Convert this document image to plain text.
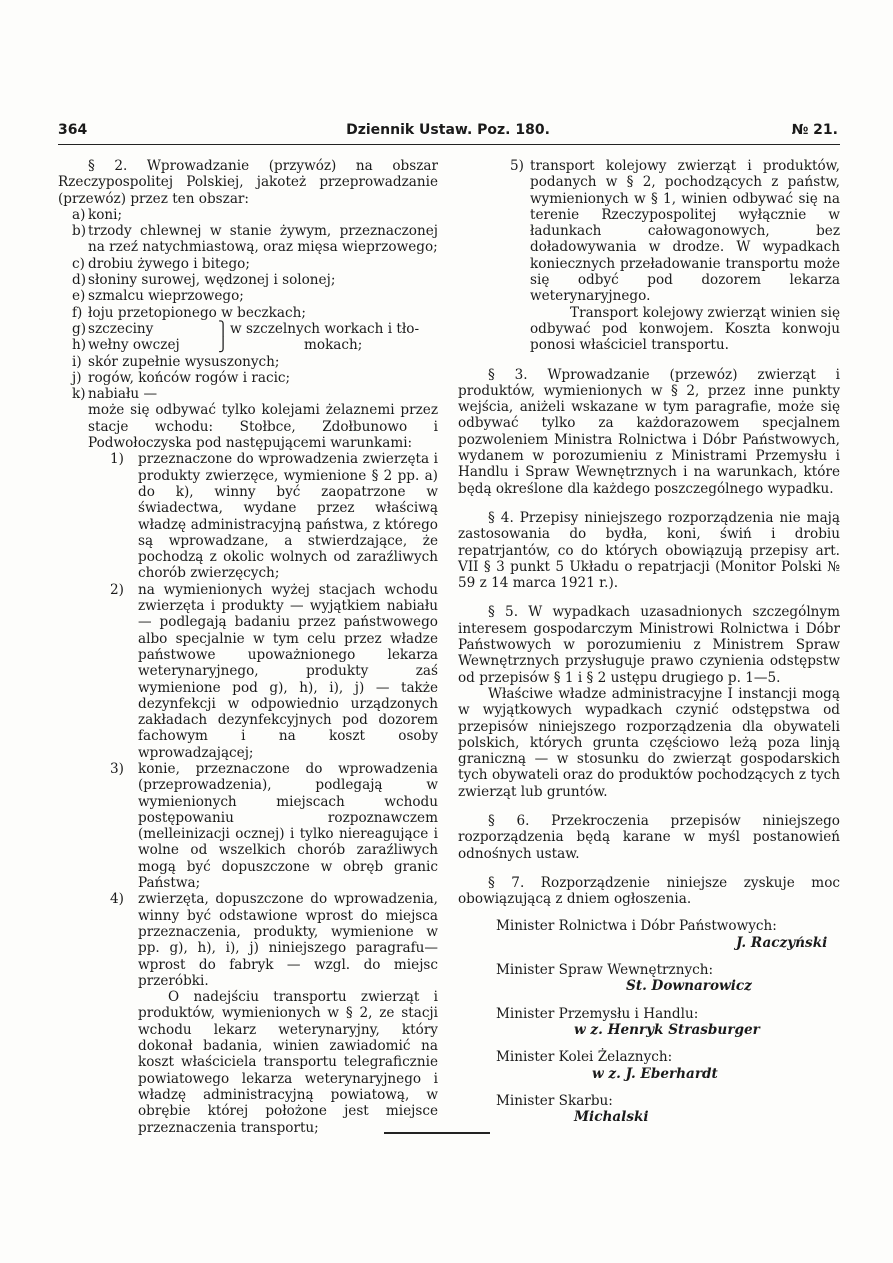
364	Dziennik Ustaw. Poz. 180.	№ 21.

§ 2. Wprowadzanie (przywóz) na obszar Rzeczypospolitej Polskiej, jakoteż przeprowadzanie (przewóz) przez ten obszar:

a) koni;
b) trzody chlewnej w stanie żywym, przeznaczonej na rzeź natychmiastową, oraz mięsa wieprzowego;
c) drobiu żywego i bitego;
d) słoniny surowej, wędzonej i solonej;
e) szmalcu wieprzowego;
f) łoju przetopionego w beczkach;
g) szczeciny	⎫ w szczelnych workach i tło-
h) wełny owczej	⎭	mokach;
i) skór zupełnie wysuszonych;
j) rogów, końców rogów i racic;
k) nabiału —

może się odbywać tylko kolejami żelaznemi przez stacje wchodu: Stołbce, Zdołbunowo i Podwołoczyska pod następującemi warunkami:

1) przeznaczone do wprowadzenia zwierzęta i produkty zwierzęce, wymienione § 2 pp. a) do k), winny być zaopatrzone w świadectwa, wydane przez właściwą władzę administracyjną państwa, z którego są wprowadzane, a stwierdzające, że pochodzą z okolic wolnych od zaraźliwych chorób zwierzęcych;
2) na wymienionych wyżej stacjach wchodu zwierzęta i produkty — wyjątkiem nabiału — podlegają badaniu przez państwowego albo specjalnie w tym celu przez władze państwowe upoważnionego lekarza weterynaryjnego, produkty zaś wymienione pod g), h), i), j) — także dezynfekcji w odpowiednio urządzonych zakładach dezynfekcyjnych pod dozorem fachowym i na koszt osoby wprowadzającej;
3) konie, przeznaczone do wprowadzenia (przeprowadzenia), podlegają w wymienionych miejscach wchodu postępowaniu rozpoznawczem (melleinizacji ocznej) i tylko niereagujące i wolne od wszelkich chorób zaraźliwych mogą być dopuszczone w obręb granic Państwa;
4) zwierzęta, dopuszczone do wprowadzenia, winny być odstawione wprost do miejsca przeznaczenia, produkty, wymienione w pp. g), h), i), j) niniejszego paragrafu—wprost do fabryk — wzgl. do miejsc przeróbki.

O nadejściu transportu zwierząt i produktów, wymienionych w § 2, ze stacji wchodu lekarz weterynaryjny, który dokonał badania, winien zawiadomić na koszt właściciela transportu telegraficznie powiatowego lekarza weterynaryjnego i władzę administracyjną powiatową, w obrębie której położone jest miejsce przeznaczenia transportu;

5) transport kolejowy zwierząt i produktów, podanych w § 2, pochodzących z państw, wymienionych w § 1, winien odbywać się na terenie Rzeczypospolitej wyłącznie w ładunkach całowagonowych, bez doładowywania w drodze. W wypadkach koniecznych przeładowanie transportu może się odbyć pod dozorem lekarza weterynaryjnego.

Transport kolejowy zwierząt winien się odbywać pod konwojem. Koszta konwoju ponosi właściciel transportu.

§ 3. Wprowadzanie (przewóz) zwierząt i produktów, wymienionych w § 2, przez inne punkty wejścia, aniżeli wskazane w tym paragrafie, może się odbywać tylko za każdorazowem specjalnem pozwoleniem Ministra Rolnictwa i Dóbr Państwowych, wydanem w porozumieniu z Ministrami Przemysłu i Handlu i Spraw Wewnętrznych i na warunkach, które będą określone dla każdego poszczególnego wypadku.

§ 4. Przepisy niniejszego rozporządzenia nie mają zastosowania do bydła, koni, świń i drobiu repatrjantów, co do których obowiązują przepisy art. VII § 3 punkt 5 Układu o repatrjacji (Monitor Polski № 59 z 14 marca 1921 r.).

§ 5. W wypadkach uzasadnionych szczególnym interesem gospodarczym Ministrowi Rolnictwa i Dóbr Państwowych w porozumieniu z Ministrem Spraw Wewnętrznych przysługuje prawo czynienia odstępstw od przepisów § 1 i § 2 ustępu drugiego p. 1—5.

Właściwe władze administracyjne I instancji mogą w wyjątkowych wypadkach czynić odstępstwa od przepisów niniejszego rozporządzenia dla obywateli polskich, których grunta częściowo leżą poza linją graniczną — w stosunku do zwierząt gospodarskich tych obywateli oraz do produktów pochodzących z tych zwierząt lub gruntów.

§ 6. Przekroczenia przepisów niniejszego rozporządzenia będą karane w myśl postanowień odnośnych ustaw.

§ 7. Rozporządzenie niniejsze zyskuje moc obowiązującą z dniem ogłoszenia.

Minister Rolnictwa i Dóbr Państwowych:
J. Raczyński
Minister Spraw Wewnętrznych:
St. Downarowicz
Minister Przemysłu i Handlu:
w z. Henryk Strasburger
Minister Kolei Żelaznych:
w z. J. Eberhardt
Minister Skarbu:
Michalski
